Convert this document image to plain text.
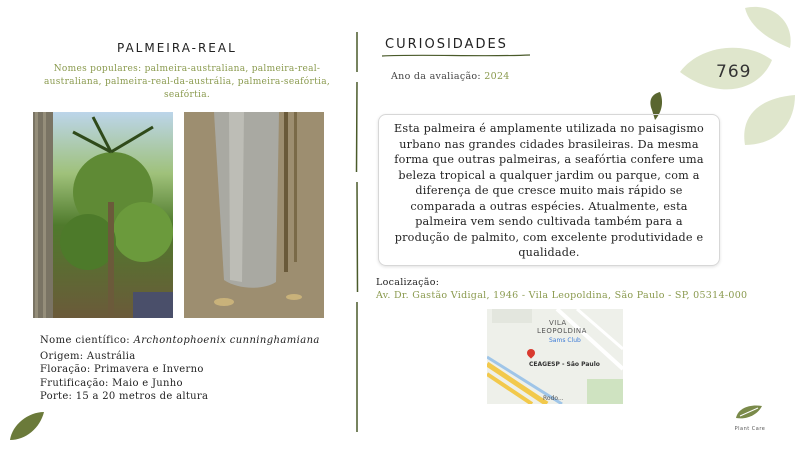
PALMEIRA-REAL
Nomes populares: palmeira-australiana, palmeira-real-australiana, palmeira-real-da-austrália, palmeira-seafórtia, seafórtia.
Nome científico: Archontophoenix cunninghamiana
Origem: Austrália
Floração: Primavera e Inverno
Frutificação: Maio e Junho
Porte: 15 a 20 metros de altura
CURIOSIDADES
Ano da avaliação: 2024	769
Esta palmeira é amplamente utilizada no paisagismo urbano nas grandes cidades brasileiras. Da mesma forma que outras palmeiras, a seafórtia confere uma beleza tropical a qualquer jardim ou parque, com a diferença de que cresce muito mais rápido se comparada a outras espécies. Atualmente, esta palmeira vem sendo cultivada também para a produção de palmito, com excelente produtividade e qualidade.
Localização:
Av. Dr. Gastão Vidigal, 1946 - Vila Leopoldina, São Paulo - SP, 05314-000
VILA
LEOPOLDINA
Sams Club
CEAGESP - São Paulo
Rodo...
Plant Care
